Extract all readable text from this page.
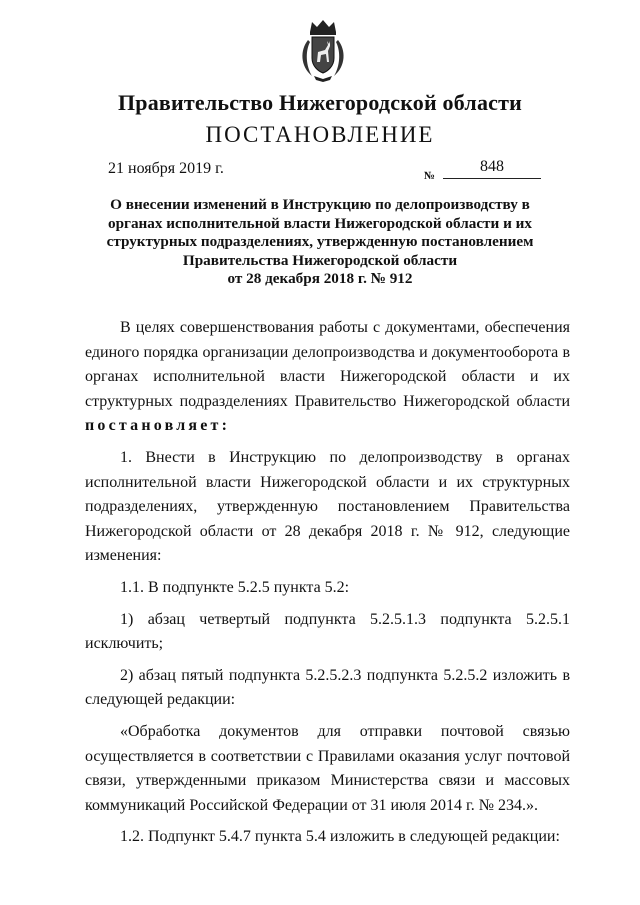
Правительство Нижегородской области
ПОСТАНОВЛЕНИЕ
21 ноября 2019 г.	№
848
О внесении изменений в Инструкцию по делопроизводству в
органах исполнительной власти Нижегородской области и их
структурных подразделениях, утвержденную постановлением
Правительства Нижегородской области
от 28 декабря 2018 г. № 912

В целях совершенствования работы с документами, обеспечения единого порядка организации делопроизводства и документооборота в органах исполнительной власти Нижегородской области и их структурных подразделениях Правительство Нижегородской области

постановляет:

1. Внести в Инструкцию по делопроизводству в органах исполнительной власти Нижегородской области и их структурных подразделениях, утвержденную постановлением Правительства Нижегородской области от 28 декабря 2018 г. № 912, следующие изменения:

1.1. В подпункте 5.2.5 пункта 5.2:

1) абзац четвертый подпункта 5.2.5.1.3 подпункта 5.2.5.1 исключить;

2) абзац пятый подпункта 5.2.5.2.3 подпункта 5.2.5.2 изложить в следующей редакции:

«Обработка документов для отправки почтовой связью осуществляется в соответствии с Правилами оказания услуг почтовой связи, утвержденными приказом Министерства связи и массовых коммуникаций Российской Федерации от 31 июля 2014 г. № 234.».

1.2. Подпункт 5.4.7 пункта 5.4 изложить в следующей редакции:
